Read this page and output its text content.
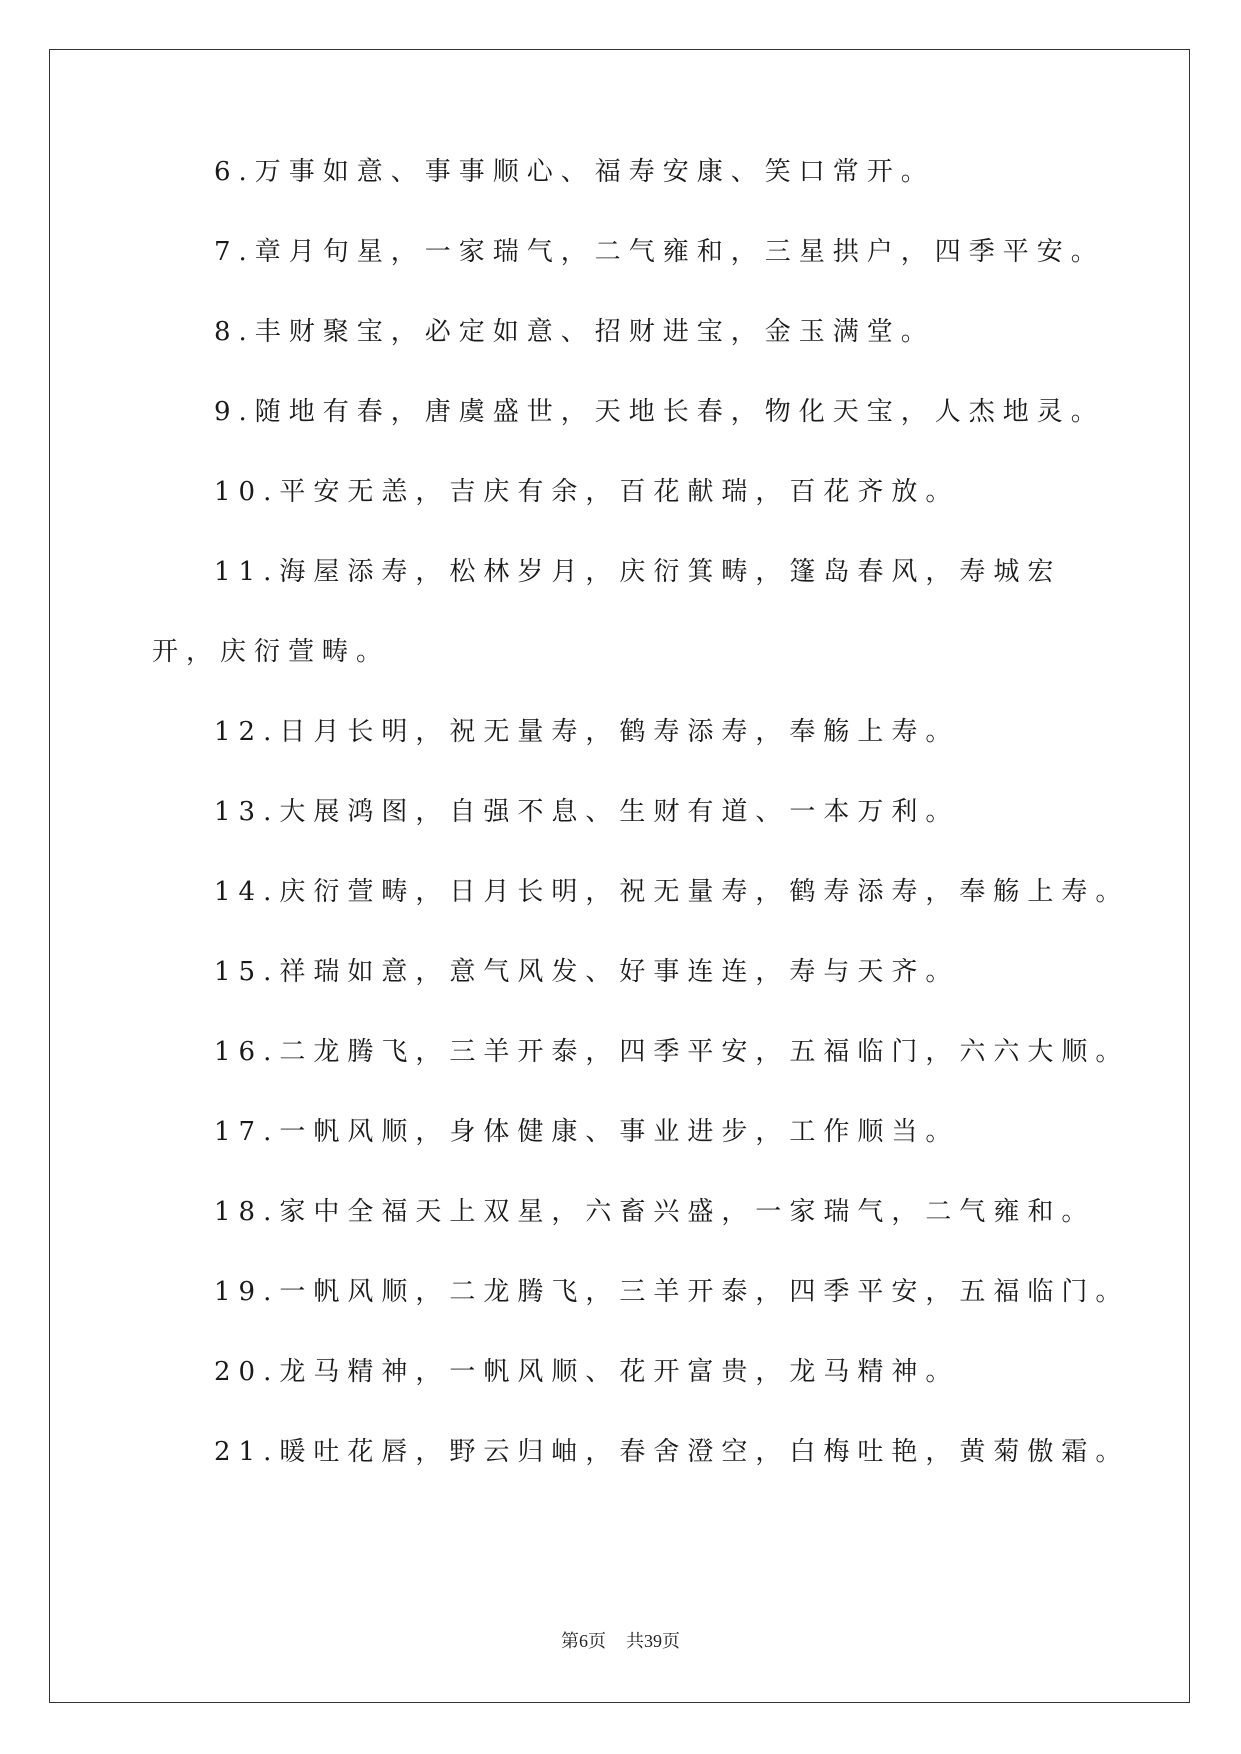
6.万事如意、事事顺心、福寿安康、笑口常开。
7.章月句星，一家瑞气，二气雍和，三星拱户，四季平安。
8.丰财聚宝，必定如意、招财进宝，金玉满堂。
9.随地有春，唐虞盛世，天地长春，物化天宝，人杰地灵。
10.平安无恙，吉庆有余，百花献瑞，百花齐放。
11.海屋添寿，松林岁月，庆衍箕畴，篷岛春风，寿城宏开，庆衍萱畴。
12.日月长明，祝无量寿，鹤寿添寿，奉觞上寿。
13.大展鸿图，自强不息、生财有道、一本万利。
14.庆衍萱畴，日月长明，祝无量寿，鹤寿添寿，奉觞上寿。
15.祥瑞如意，意气风发、好事连连，寿与天齐。
16.二龙腾飞，三羊开泰，四季平安，五福临门，六六大顺。
17.一帆风顺，身体健康、事业进步，工作顺当。
18.家中全福天上双星，六畜兴盛，一家瑞气，二气雍和。
19.一帆风顺，二龙腾飞，三羊开泰，四季平安，五福临门。
20.龙马精神，一帆风顺、花开富贵，龙马精神。
21.暖吐花唇，野云归岫，春舍澄空，白梅吐艳，黄菊傲霜。
第6页 共39页
